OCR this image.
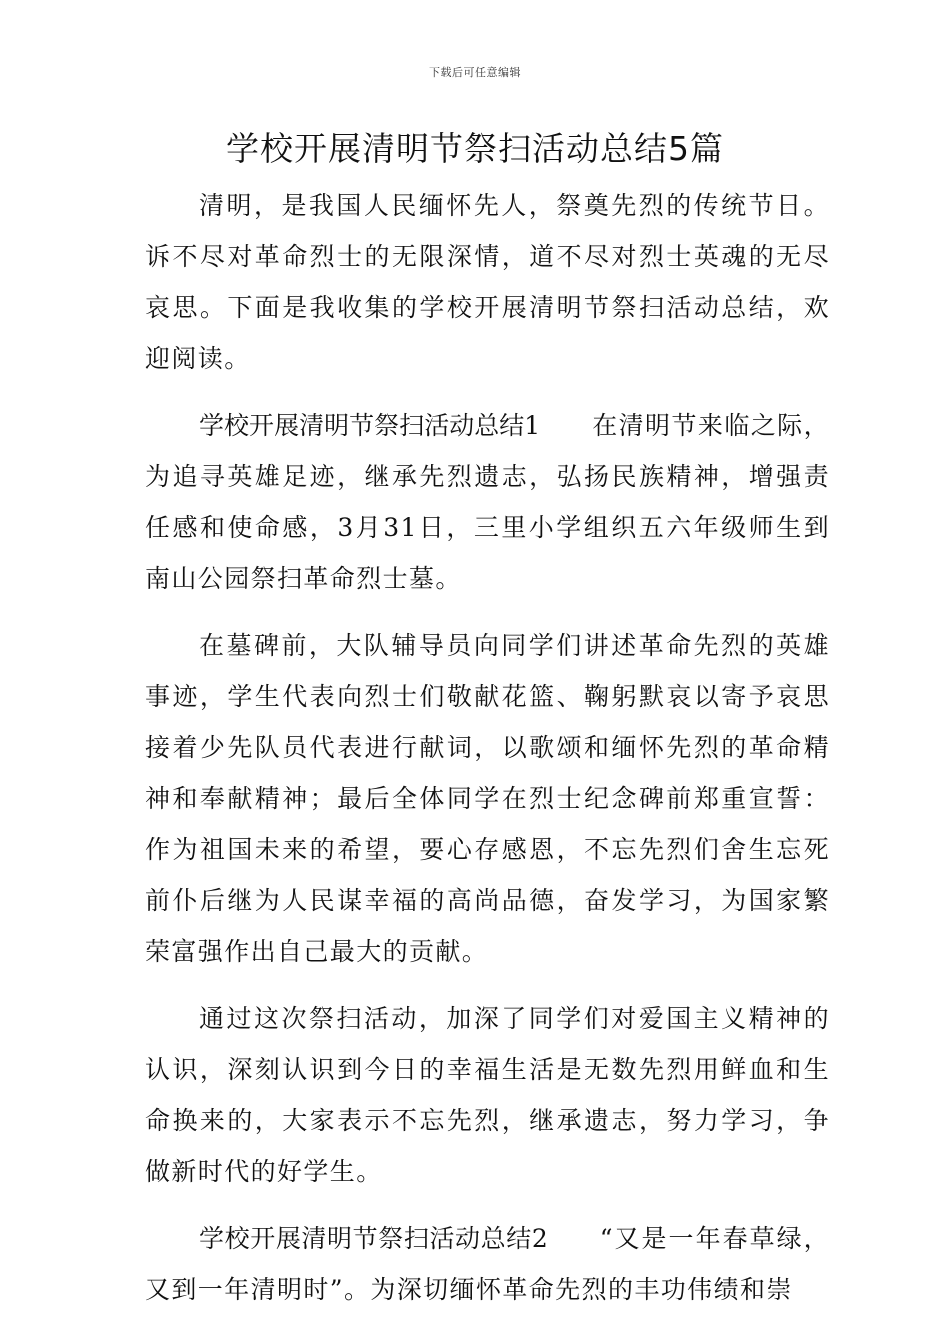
下载后可任意编辑
学校开展清明节祭扫活动总结5篇

清明，是我国人民缅怀先人，祭奠先烈的传统节日。诉不尽对革命烈士的无限深情，道不尽对烈士英魂的无尽哀思。下面是我收集的学校开展清明节祭扫活动总结，欢迎阅读。

学校开展清明节祭扫活动总结1 在清明节来临之际，为追寻英雄足迹，继承先烈遗志，弘扬民族精神，增强责任感和使命感，3月31日，三里小学组织五六年级师生到南山公园祭扫革命烈士墓。

在墓碑前，大队辅导员向同学们讲述革命先烈的英雄事迹，学生代表向烈士们敬献花篮、鞠躬默哀以寄予哀思接着少先队员代表进行献词，以歌颂和缅怀先烈的革命精神和奉献精神；最后全体同学在烈士纪念碑前郑重宣誓：作为祖国未来的希望，要心存感恩，不忘先烈们舍生忘死前仆后继为人民谋幸福的高尚品德，奋发学习，为国家繁荣富强作出自己最大的贡献。

通过这次祭扫活动，加深了同学们对爱国主义精神的认识，深刻认识到今日的幸福生活是无数先烈用鲜血和生命换来的，大家表示不忘先烈，继承遗志，努力学习，争做新时代的好学生。

学校开展清明节祭扫活动总结2 “又是一年春草绿，又到一年清明时”。为深切缅怀革命先烈的丰功伟绩和崇
